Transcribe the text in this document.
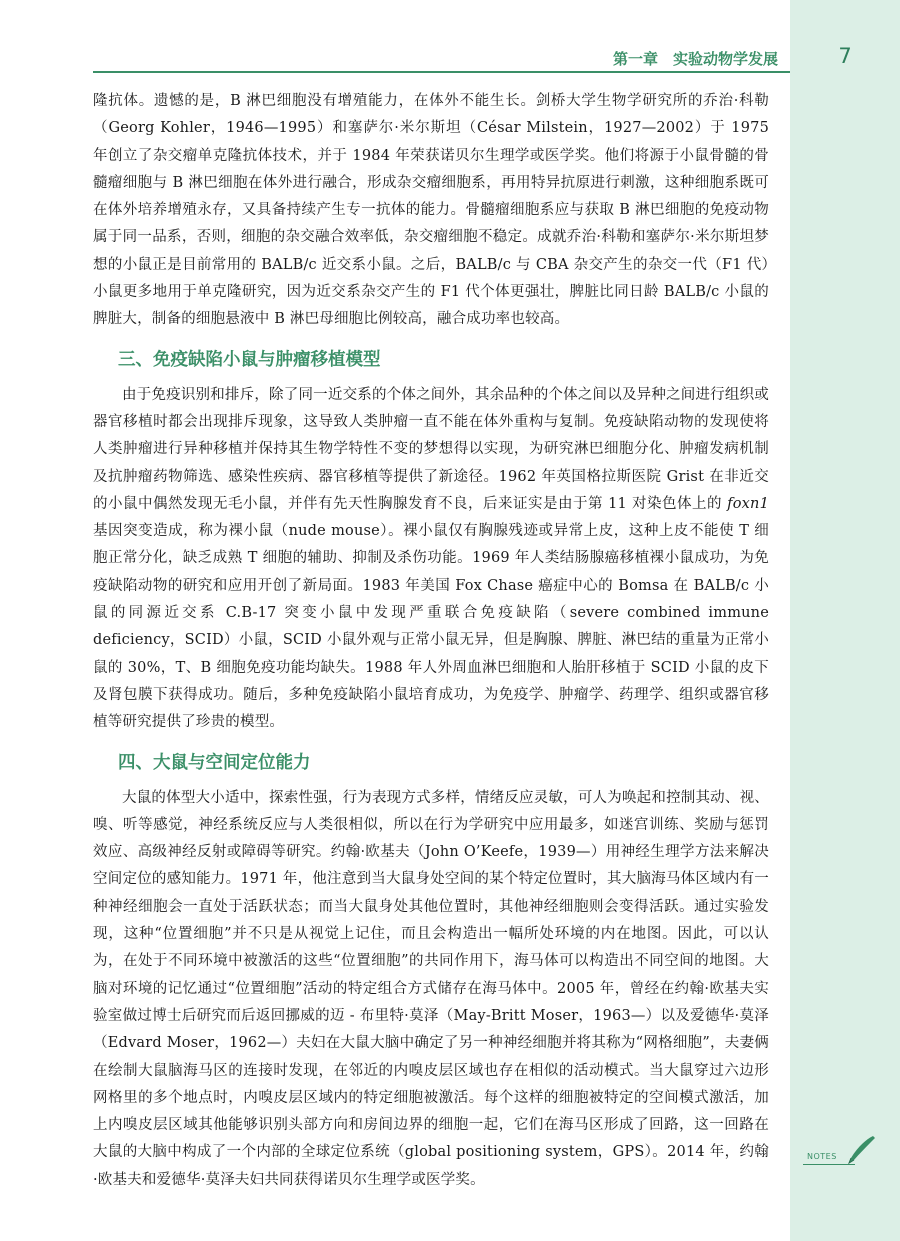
第一章　实验动物学发展	7

隆抗体。遗憾的是，B 淋巴细胞没有增殖能力，在体外不能生长。剑桥大学生物学研究所的乔治·科勒（Georg Kohler，1946—1995）和塞萨尔·米尔斯坦（César Milstein，1927—2002）于 1975 年创立了杂交瘤单克隆抗体技术，并于 1984 年荣获诺贝尔生理学或医学奖。他们将源于小鼠骨髓的骨髓瘤细胞与 B 淋巴细胞在体外进行融合，形成杂交瘤细胞系，再用特异抗原进行刺激，这种细胞系既可在体外培养增殖永存，又具备持续产生专一抗体的能力。骨髓瘤细胞系应与获取 B 淋巴细胞的免疫动物属于同一品系，否则，细胞的杂交融合效率低，杂交瘤细胞不稳定。成就乔治·科勒和塞萨尔·米尔斯坦梦想的小鼠正是目前常用的 BALB/c 近交系小鼠。之后，BALB/c 与 CBA 杂交产生的杂交一代（F1 代）小鼠更多地用于单克隆研究，因为近交系杂交产生的 F1 代个体更强壮，脾脏比同日龄 BALB/c 小鼠的脾脏大，制备的细胞悬液中 B 淋巴母细胞比例较高，融合成功率也较高。

三、免疫缺陷小鼠与肿瘤移植模型

由于免疫识别和排斥，除了同一近交系的个体之间外，其余品种的个体之间以及异种之间进行组织或器官移植时都会出现排斥现象，这导致人类肿瘤一直不能在体外重构与复制。免疫缺陷动物的发现使将人类肿瘤进行异种移植并保持其生物学特性不变的梦想得以实现，为研究淋巴细胞分化、肿瘤发病机制及抗肿瘤药物筛选、感染性疾病、器官移植等提供了新途径。1962 年英国格拉斯医院 Grist 在非近交的小鼠中偶然发现无毛小鼠，并伴有先天性胸腺发育不良，后来证实是由于第 11 对染色体上的 foxn1 基因突变造成，称为裸小鼠（nude mouse）。裸小鼠仅有胸腺残迹或异常上皮，这种上皮不能使 T 细胞正常分化，缺乏成熟 T 细胞的辅助、抑制及杀伤功能。1969 年人类结肠腺癌移植裸小鼠成功，为免疫缺陷动物的研究和应用开创了新局面。1983 年美国 Fox Chase 癌症中心的 Bomsa 在 BALB/c 小鼠的同源近交系 C.B-17 突变小鼠中发现严重联合免疫缺陷（severe combined immune deficiency，SCID）小鼠，SCID 小鼠外观与正常小鼠无异，但是胸腺、脾脏、淋巴结的重量为正常小鼠的 30%，T、B 细胞免疫功能均缺失。1988 年人外周血淋巴细胞和人胎肝移植于 SCID 小鼠的皮下及肾包膜下获得成功。随后，多种免疫缺陷小鼠培育成功，为免疫学、肿瘤学、药理学、组织或器官移植等研究提供了珍贵的模型。

四、大鼠与空间定位能力

大鼠的体型大小适中，探索性强，行为表现方式多样，情绪反应灵敏，可人为唤起和控制其动、视、嗅、听等感觉，神经系统反应与人类很相似，所以在行为学研究中应用最多，如迷宫训练、奖励与惩罚效应、高级神经反射或障碍等研究。约翰·欧基夫（John O’Keefe，1939—）用神经生理学方法来解决空间定位的感知能力。1971 年，他注意到当大鼠身处空间的某个特定位置时，其大脑海马体区域内有一种神经细胞会一直处于活跃状态；而当大鼠身处其他位置时，其他神经细胞则会变得活跃。通过实验发现，这种“位置细胞”并不只是从视觉上记住，而且会构造出一幅所处环境的内在地图。因此，可以认为，在处于不同环境中被激活的这些“位置细胞”的共同作用下，海马体可以构造出不同空间的地图。大脑对环境的记忆通过“位置细胞”活动的特定组合方式储存在海马体中。2005 年，曾经在约翰·欧基夫实验室做过博士后研究而后返回挪威的迈 - 布里特·莫泽（May-Britt Moser，1963—）以及爱德华·莫泽（Edvard Moser，1962—）夫妇在大鼠大脑中确定了另一种神经细胞并将其称为“网格细胞”，夫妻俩在绘制大鼠脑海马区的连接时发现，在邻近的内嗅皮层区域也存在相似的活动模式。当大鼠穿过六边形网格里的多个地点时，内嗅皮层区域内的特定细胞被激活。每个这样的细胞被特定的空间模式激活，加上内嗅皮层区域其他能够识别头部方向和房间边界的细胞一起，它们在海马区形成了回路，这一回路在大鼠的大脑中构成了一个内部的全球定位系统（global positioning system，GPS）。2014 年，约翰·欧基夫和爱德华·莫泽夫妇共同获得诺贝尔生理学或医学奖。

NOTES
